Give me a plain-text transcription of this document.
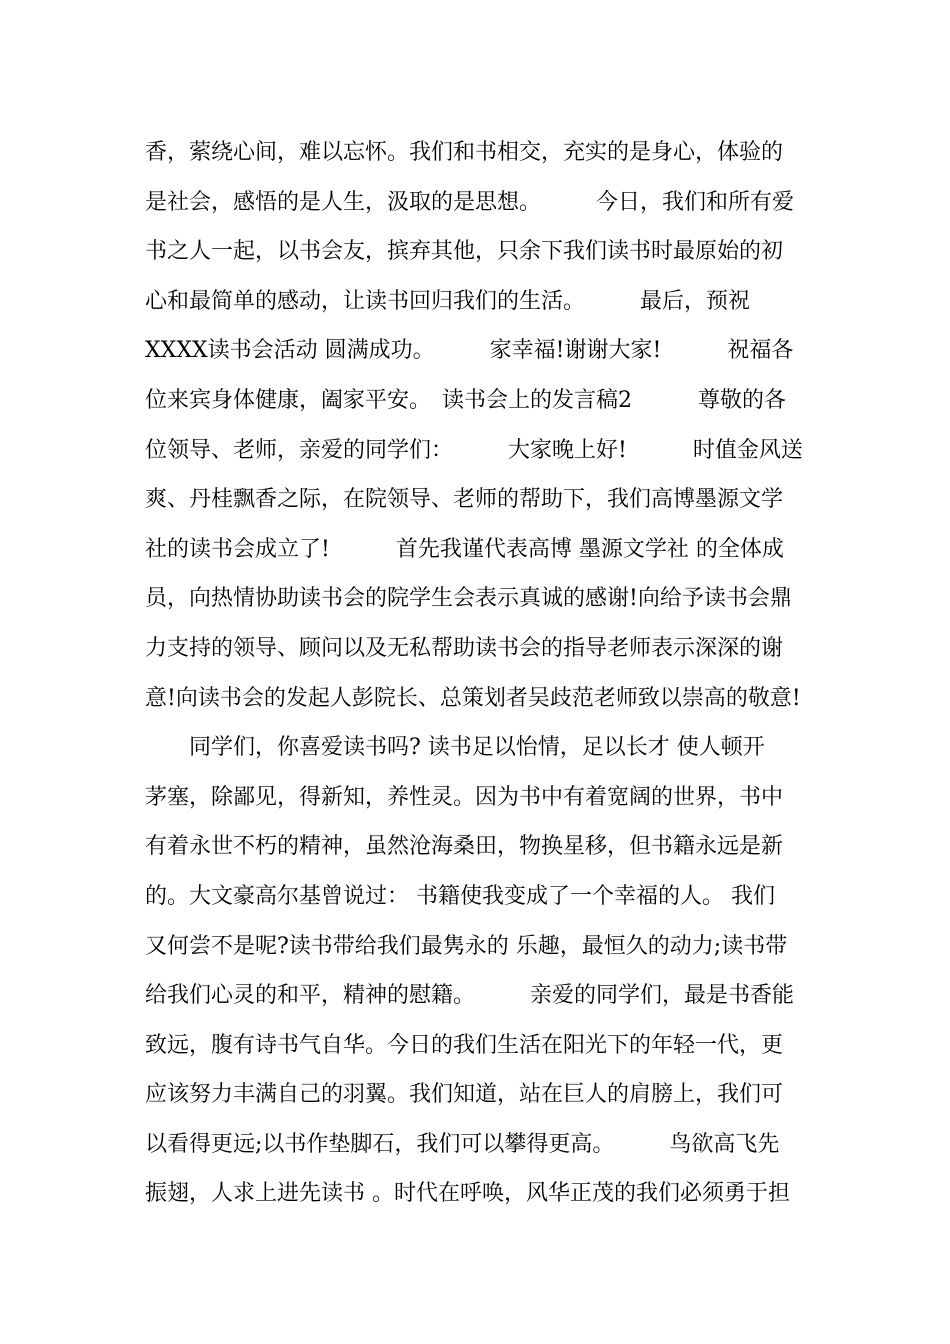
香，萦绕心间，难以忘怀。我们和书相交，充实的是身心，体验的
是社会，感悟的是人生，汲取的是思想。　　　今日，我们和所有爱
书之人一起，以书会友，摈弃其他，只余下我们读书时最原始的初
心和最简单的感动，让读书回归我们的生活。　　　最后，预祝
XXXX读书会活动 圆满成功。　　　家幸福!谢谢大家!　　　祝福各
位来宾身体健康，阖家平安。　读书会上的发言稿2　　　尊敬的各
位领导、老师，亲爱的同学们：　　　大家晚上好!　　　时值金风送
爽、丹桂飘香之际，在院领导、老师的帮助下，我们高博墨源文学
社的读书会成立了!　　　首先我谨代表高博 墨源文学社 的全体成
员，向热情协助读书会的院学生会表示真诚的感谢!向给予读书会鼎
力支持的领导、顾问以及无私帮助读书会的指导老师表示深深的谢
意!向读书会的发起人彭院长、总策划者吴歧范老师致以崇高的敬意!
　　同学们，你喜爱读书吗? 读书足以怡情，足以长才 使人顿开
茅塞，除鄙见，得新知，养性灵。因为书中有着宽阔的世界，书中
有着永世不朽的精神，虽然沧海桑田，物换星移，但书籍永远是新
的。大文豪高尔基曾说过： 书籍使我变成了一个幸福的人。 我们
又何尝不是呢?读书带给我们最隽永的 乐趣，最恒久的动力;读书带
给我们心灵的和平，精神的慰籍。　　　亲爱的同学们，最是书香能
致远，腹有诗书气自华。今日的我们生活在阳光下的年轻一代，更
应该努力丰满自己的羽翼。我们知道，站在巨人的肩膀上，我们可
以看得更远;以书作垫脚石，我们可以攀得更高。　　　鸟欲高飞先
振翅，人求上进先读书 。时代在呼唤，风华正茂的我们必须勇于担
